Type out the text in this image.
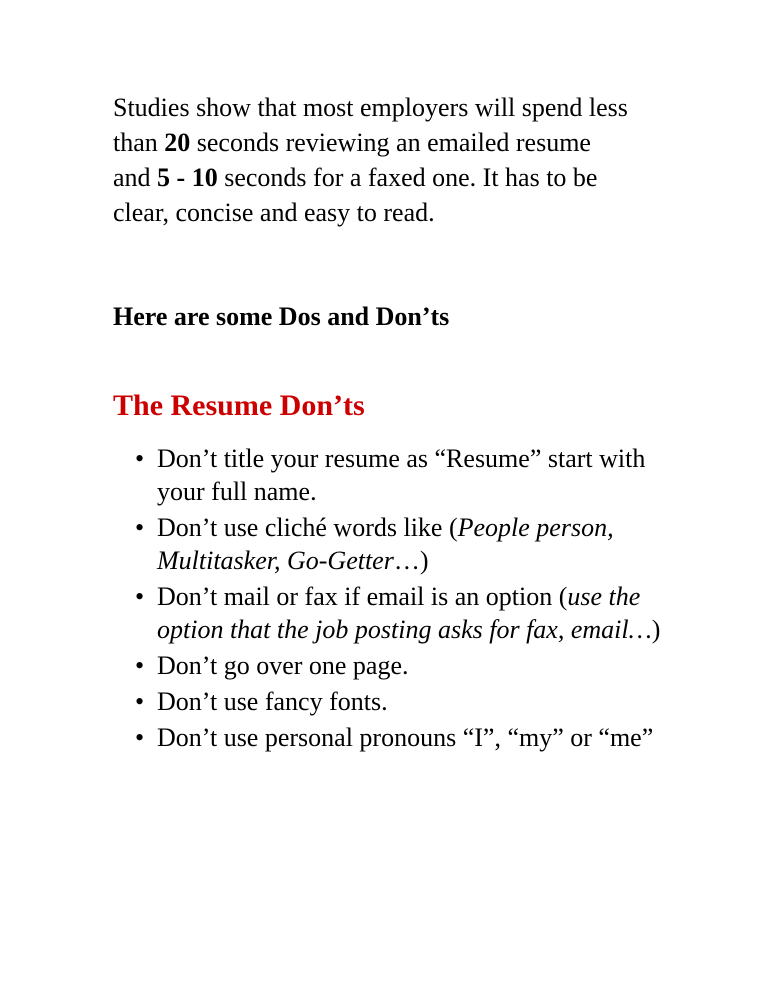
Studies show that most employers will spend less than 20 seconds reviewing an emailed resume and 5 - 10 seconds for a faxed one. It has to be clear, concise and easy to read.

Here are some Dos and Don’ts

The Resume Don’ts
• Don’t title your resume as “Resume” start with your full name.
• Don’t use cliché words like (People person, Multitasker, Go-Getter…)
• Don’t mail or fax if email is an option (use the option that the job posting asks for fax, email…)
• Don’t go over one page.
• Don’t use fancy fonts.
• Don’t use personal pronouns “I”, “my” or “me”
